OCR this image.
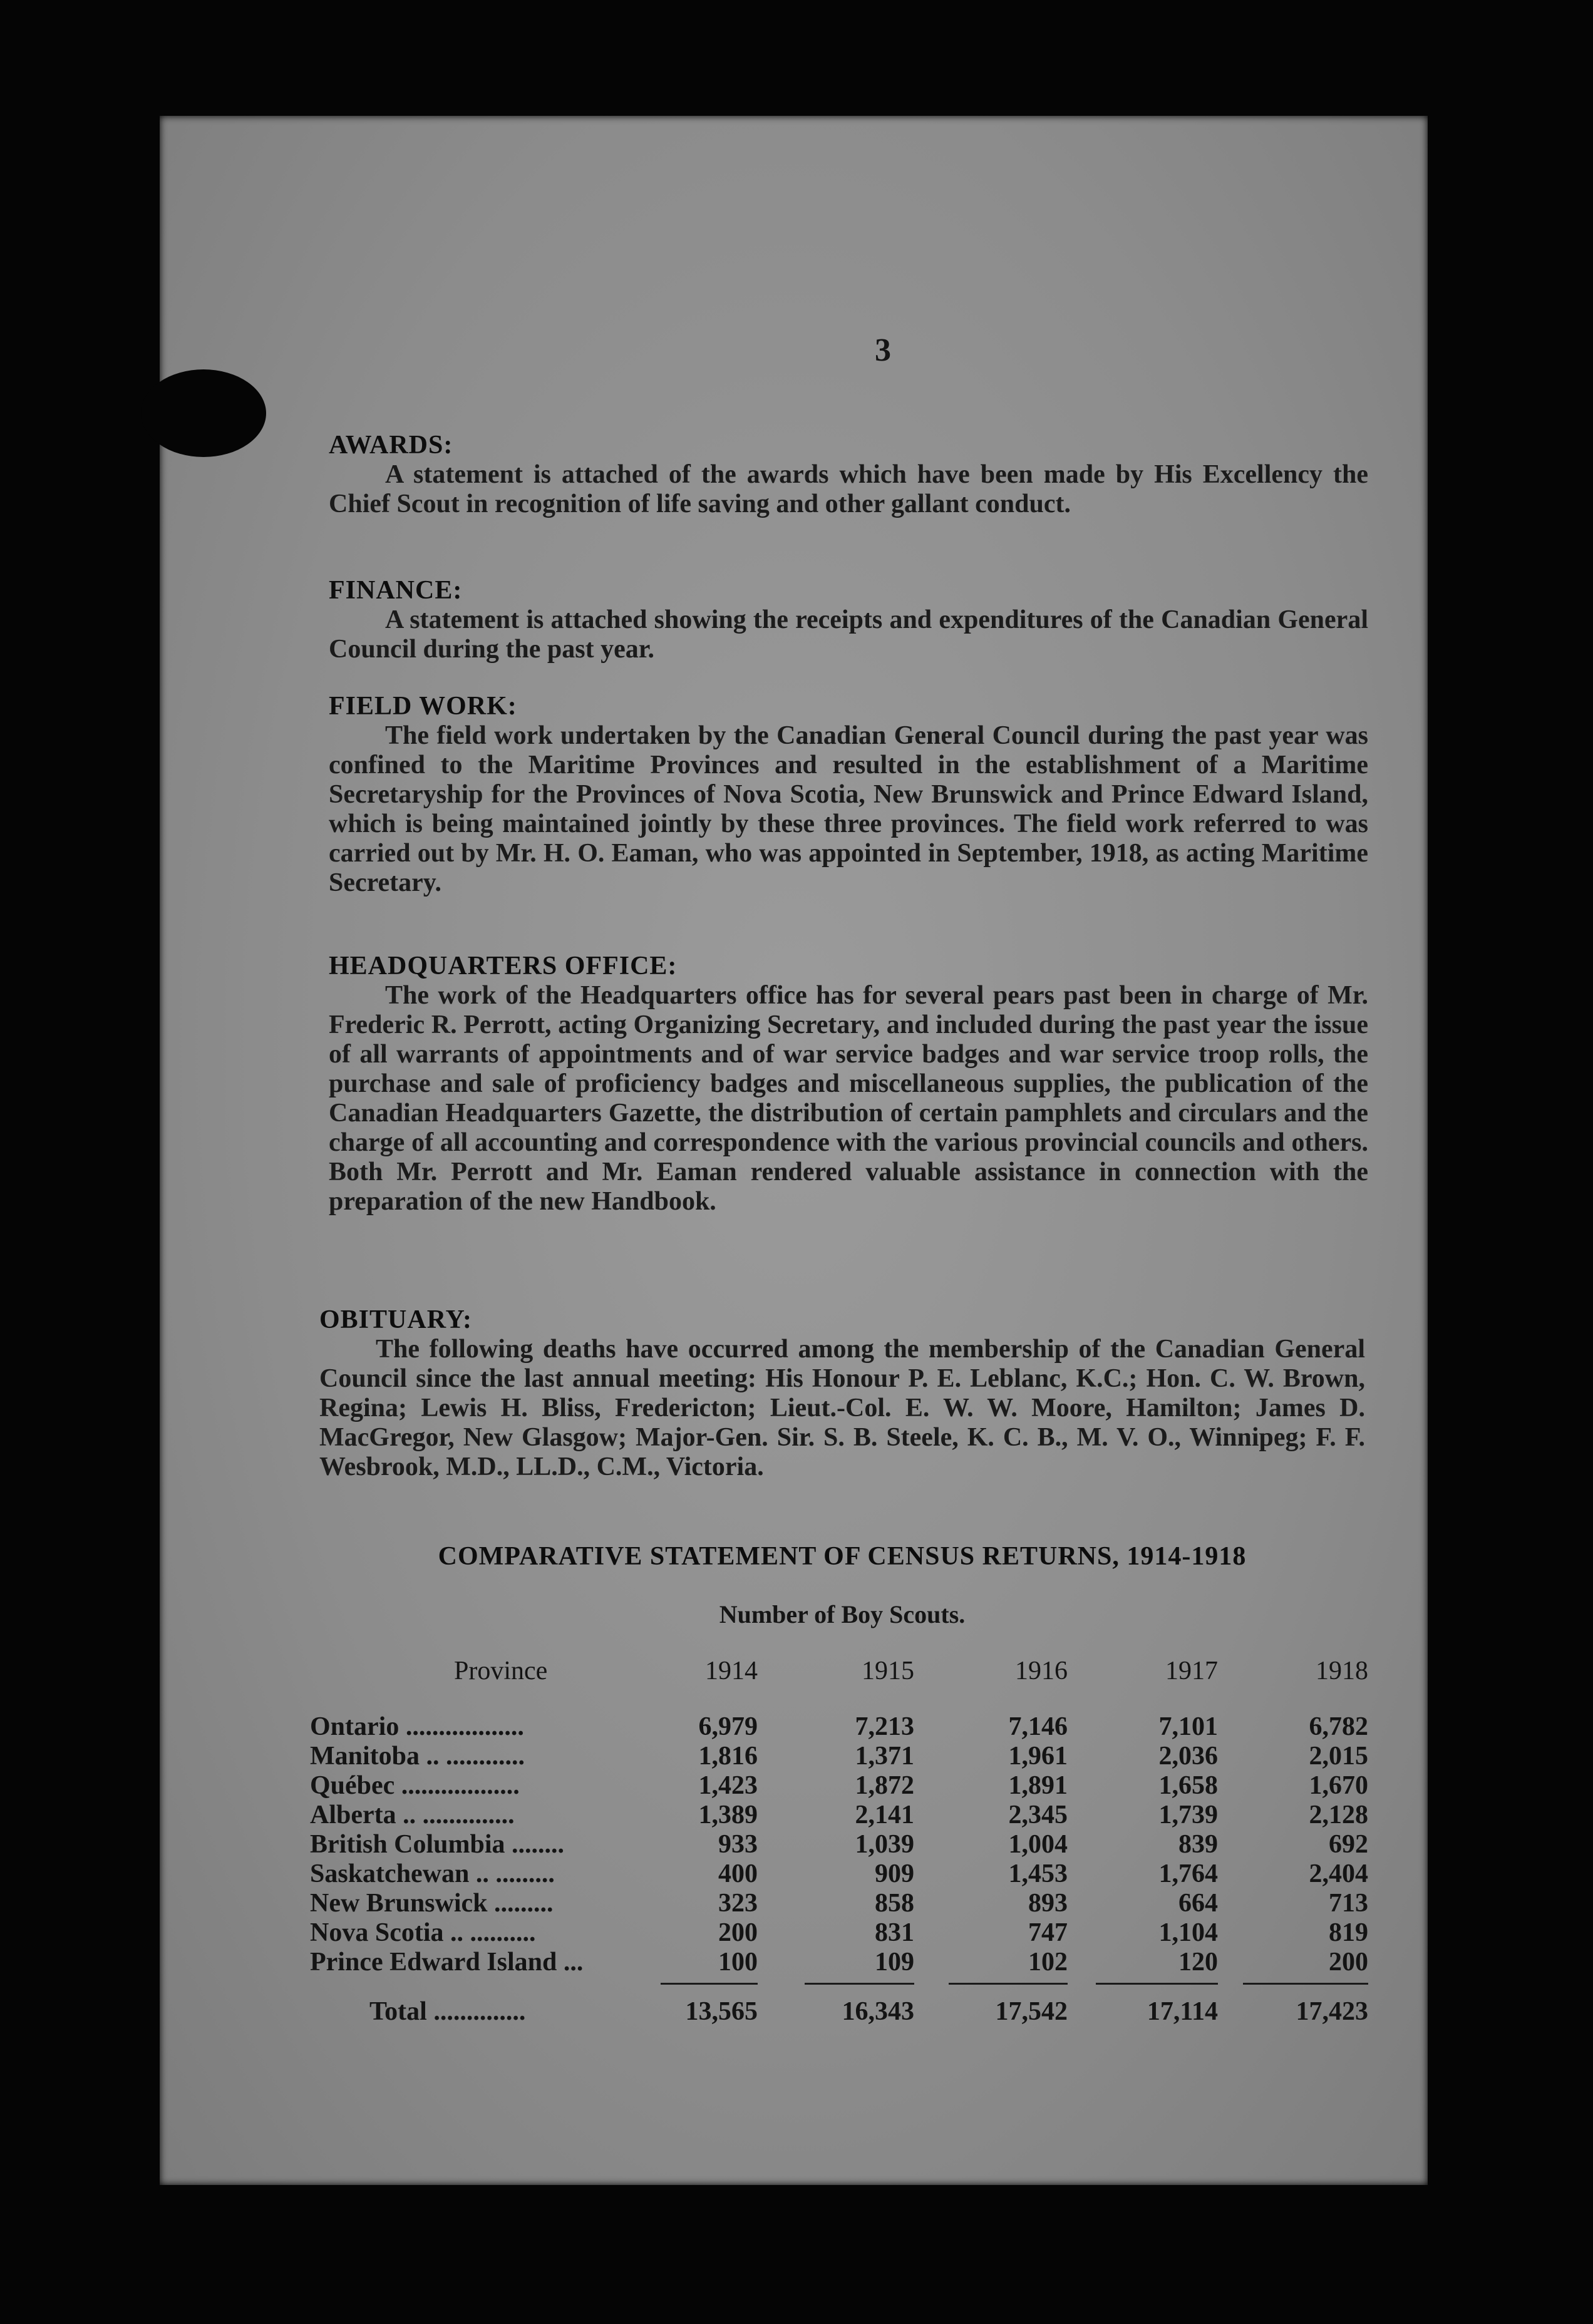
3
AWARDS:
A statement is attached of the awards which have been made by His Excellency the Chief Scout in recognition of life saving and other gallant conduct.
FINANCE:
A statement is attached showing the receipts and expenditures of the Canadian General Council during the past year.
FIELD WORK:
The field work undertaken by the Canadian General Council during the past year was confined to the Maritime Provinces and resulted in the establishment of a Maritime Secretaryship for the Provinces of Nova Scotia, New Brunswick and Prince Edward Island, which is being maintained jointly by these three provinces. The field work referred to was carried out by Mr. H. O. Eaman, who was appointed in September, 1918, as acting Maritime Secretary.
HEADQUARTERS OFFICE:
The work of the Headquarters office has for several pears past been in charge of Mr. Frederic R. Perrott, acting Organizing Secretary, and included during the past year the issue of all warrants of appointments and of war service badges and war service troop rolls, the purchase and sale of proficiency badges and miscellaneous supplies, the publication of the Canadian Headquarters Gazette, the distribution of certain pamphlets and circulars and the charge of all accounting and correspondence with the various provincial councils and others. Both Mr. Perrott and Mr. Eaman rendered valuable assistance in connection with the preparation of the new Handbook.
OBITUARY:
The following deaths have occurred among the membership of the Canadian General Council since the last annual meeting: His Honour P. E. Leblanc, K.C.; Hon. C. W. Brown, Regina; Lewis H. Bliss, Fredericton; Lieut.-Col. E. W. W. Moore, Hamilton; James D. MacGregor, New Glasgow; Major-Gen. Sir. S. B. Steele, K. C. B., M. V. O., Winnipeg; F. F. Wesbrook, M.D., LL.D., C.M., Victoria.
COMPARATIVE STATEMENT OF CENSUS RETURNS, 1914-1918
Number of Boy Scouts.
Province	1914	1915	1916	1917	1918
Ontario ..................	6,979	7,213	7,146	7,101	6,782
Manitoba .. ............	1,816	1,371	1,961	2,036	2,015
Québec ..................	1,423	1,872	1,891	1,658	1,670
Alberta .. ..............	1,389	2,141	2,345	1,739	2,128
British Columbia ........	933	1,039	1,004	839	692
Saskatchewan .. .........	400	909	1,453	1,764	2,404
New Brunswick .........	323	858	893	664	713
Nova Scotia .. ..........	200	831	747	1,104	819
Prince Edward Island ...	100	109	102	120	200
Total ..............	13,565	16,343	17,542	17,114	17,423
